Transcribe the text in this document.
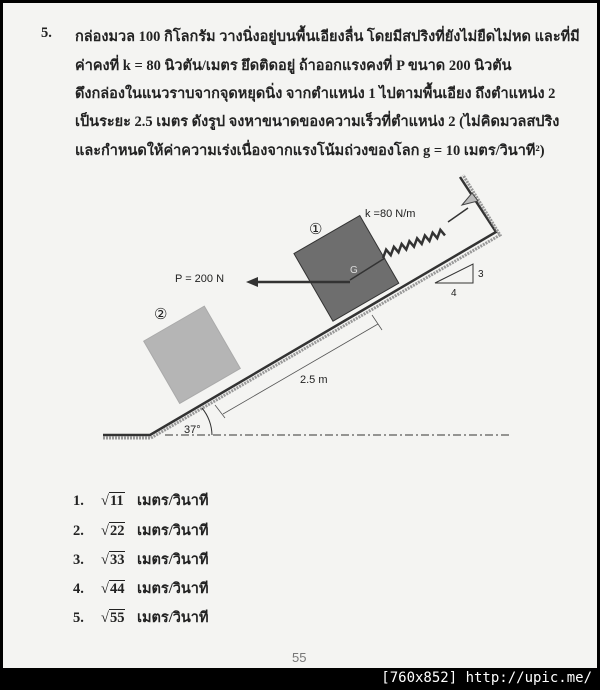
5. กล่องมวล 100 กิโลกรัม วางนิ่งอยู่บนพื้นเอียงลื่น โดยมีสปริงที่ยังไม่ยืดไม่หด และที่มี
ค่าคงที่ k = 80 นิวตัน/เมตร ยึดติดอยู่ ถ้าออกแรงคงที่ P ขนาด 200 นิวตัน
ดึงกล่องในแนวราบจากจุดหยุดนิ่ง จากตำแหน่ง 1 ไปตามพื้นเอียง ถึงตำแหน่ง 2
เป็นระยะ 2.5 เมตร ดังรูป จงหาขนาดของความเร็วที่ตำแหน่ง 2 (ไม่คิดมวลสปริง
และกำหนดให้ค่าความเร่งเนื่องจากแรงโน้มถ่วงของโลก g = 10 เมตร/วินาที²)
G
P = 200 N
k =80 N/m
①
②
3
4
2.5 m
37°
1. √11 เมตร/วินาที
2. √22 เมตร/วินาที
3. √33 เมตร/วินาที
4. √44 เมตร/วินาที
5. √55 เมตร/วินาที
55
[760x852] http://upic.me/
